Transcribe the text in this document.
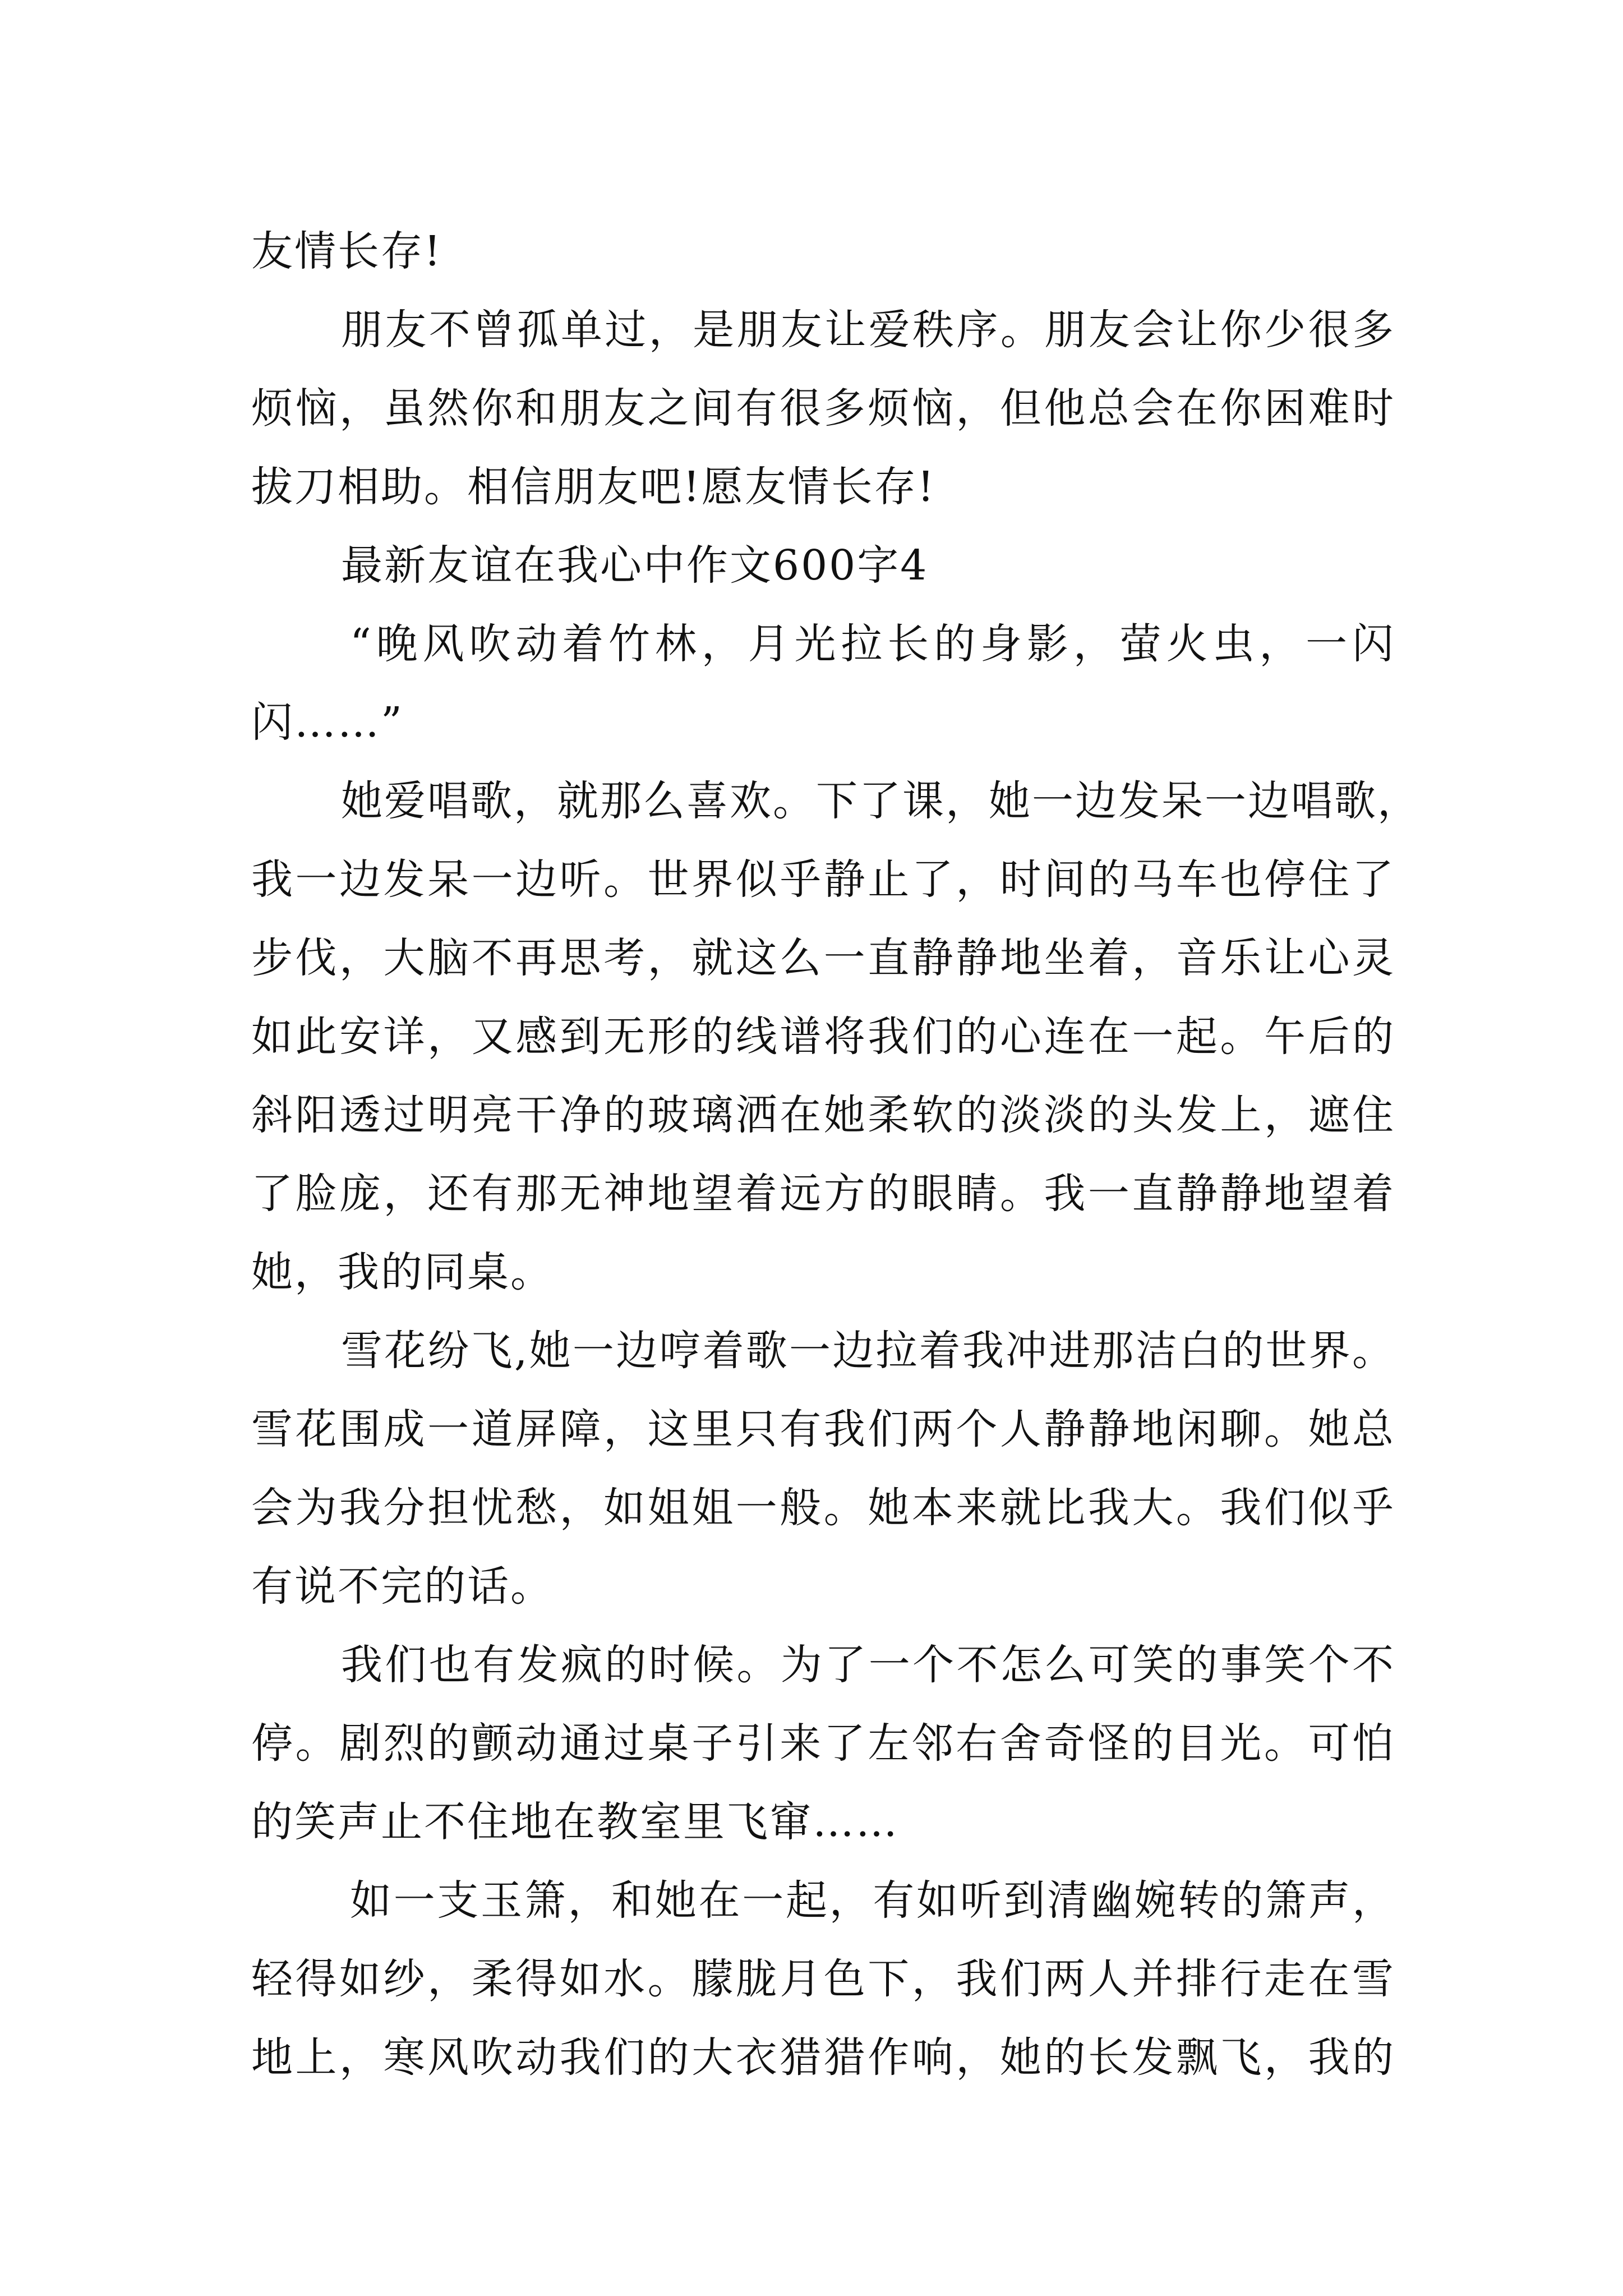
友情长存!
朋友不曾孤单过，是朋友让爱秩序。朋友会让你少很多
烦恼，虽然你和朋友之间有很多烦恼，但他总会在你困难时
拔刀相助。相信朋友吧!愿友情长存!
最新友谊在我心中作文600字4
“晚风吹动着竹林，月光拉长的身影，萤火虫，一闪
闪……”
她爱唱歌，就那么喜欢。下了课，她一边发呆一边唱歌，
我一边发呆一边听。世界似乎静止了，时间的马车也停住了
步伐，大脑不再思考，就这么一直静静地坐着，音乐让心灵
如此安详，又感到无形的线谱将我们的心连在一起。午后的
斜阳透过明亮干净的玻璃洒在她柔软的淡淡的头发上，遮住
了脸庞，还有那无神地望着远方的眼睛。我一直静静地望着
她，我的同桌。
雪花纷飞,她一边哼着歌一边拉着我冲进那洁白的世界。
雪花围成一道屏障，这里只有我们两个人静静地闲聊。她总
会为我分担忧愁，如姐姐一般。她本来就比我大。我们似乎
有说不完的话。
我们也有发疯的时候。为了一个不怎么可笑的事笑个不
停。剧烈的颤动通过桌子引来了左邻右舍奇怪的目光。可怕
的笑声止不住地在教室里飞窜……
如一支玉箫，和她在一起，有如听到清幽婉转的箫声，
轻得如纱，柔得如水。朦胧月色下，我们两人并排行走在雪
地上，寒风吹动我们的大衣猎猎作响，她的长发飘飞，我的
